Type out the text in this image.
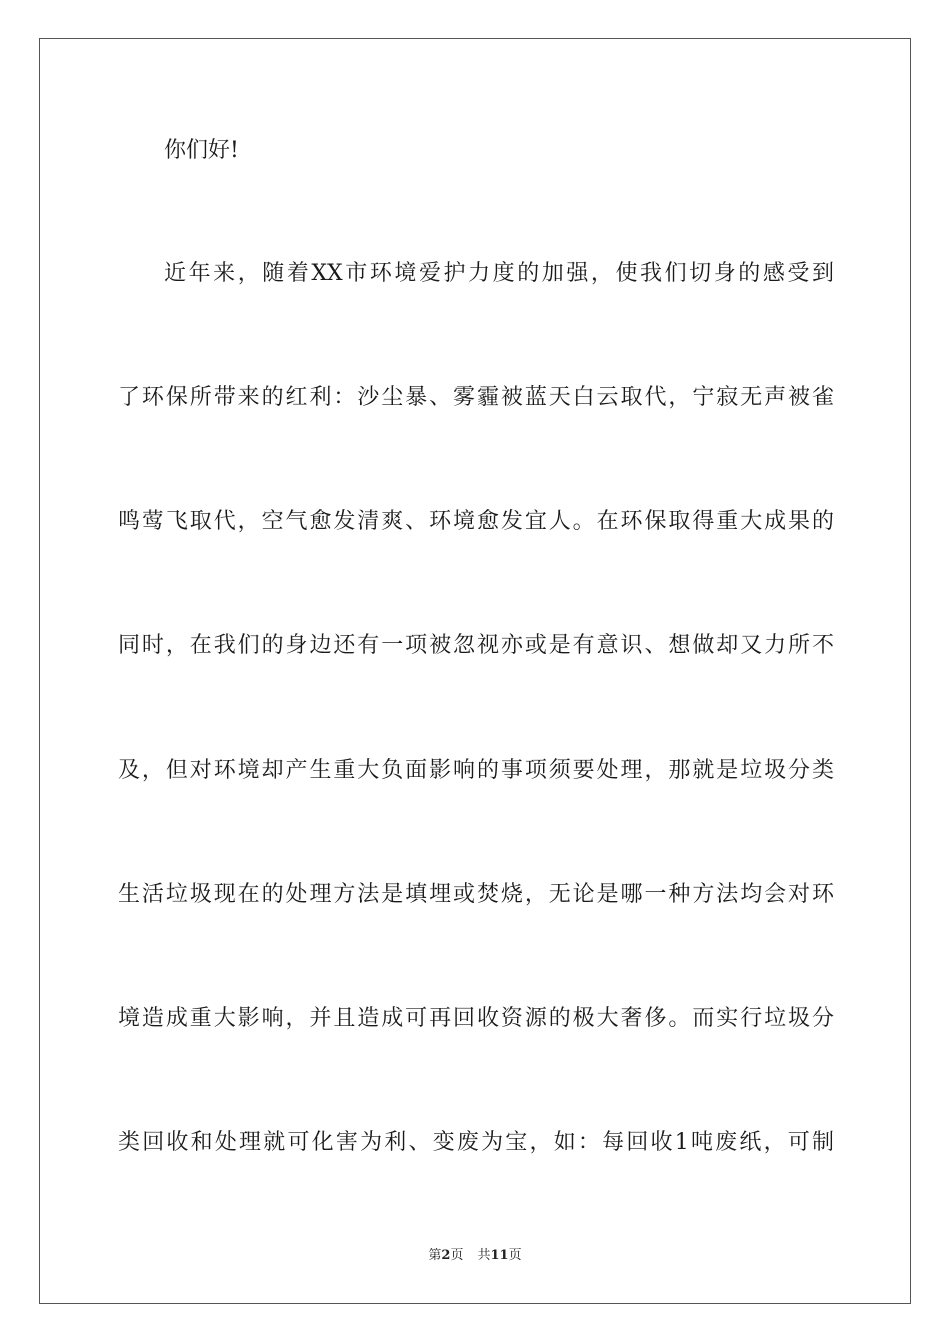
你们好!
近年来，随着XX市环境爱护力度的加强，使我们切身的感受到
了环保所带来的红利：沙尘暴、雾霾被蓝天白云取代，宁寂无声被雀
鸣莺飞取代，空气愈发清爽、环境愈发宜人。在环保取得重大成果的
同时，在我们的身边还有一项被忽视亦或是有意识、想做却又力所不
及，但对环境却产生重大负面影响的事项须要处理，那就是垃圾分类
生活垃圾现在的处理方法是填埋或焚烧，无论是哪一种方法均会对环
境造成重大影响，并且造成可再回收资源的极大奢侈。而实行垃圾分
类回收和处理就可化害为利、变废为宝，如：每回收1吨废纸，可制
第2页 共11页
